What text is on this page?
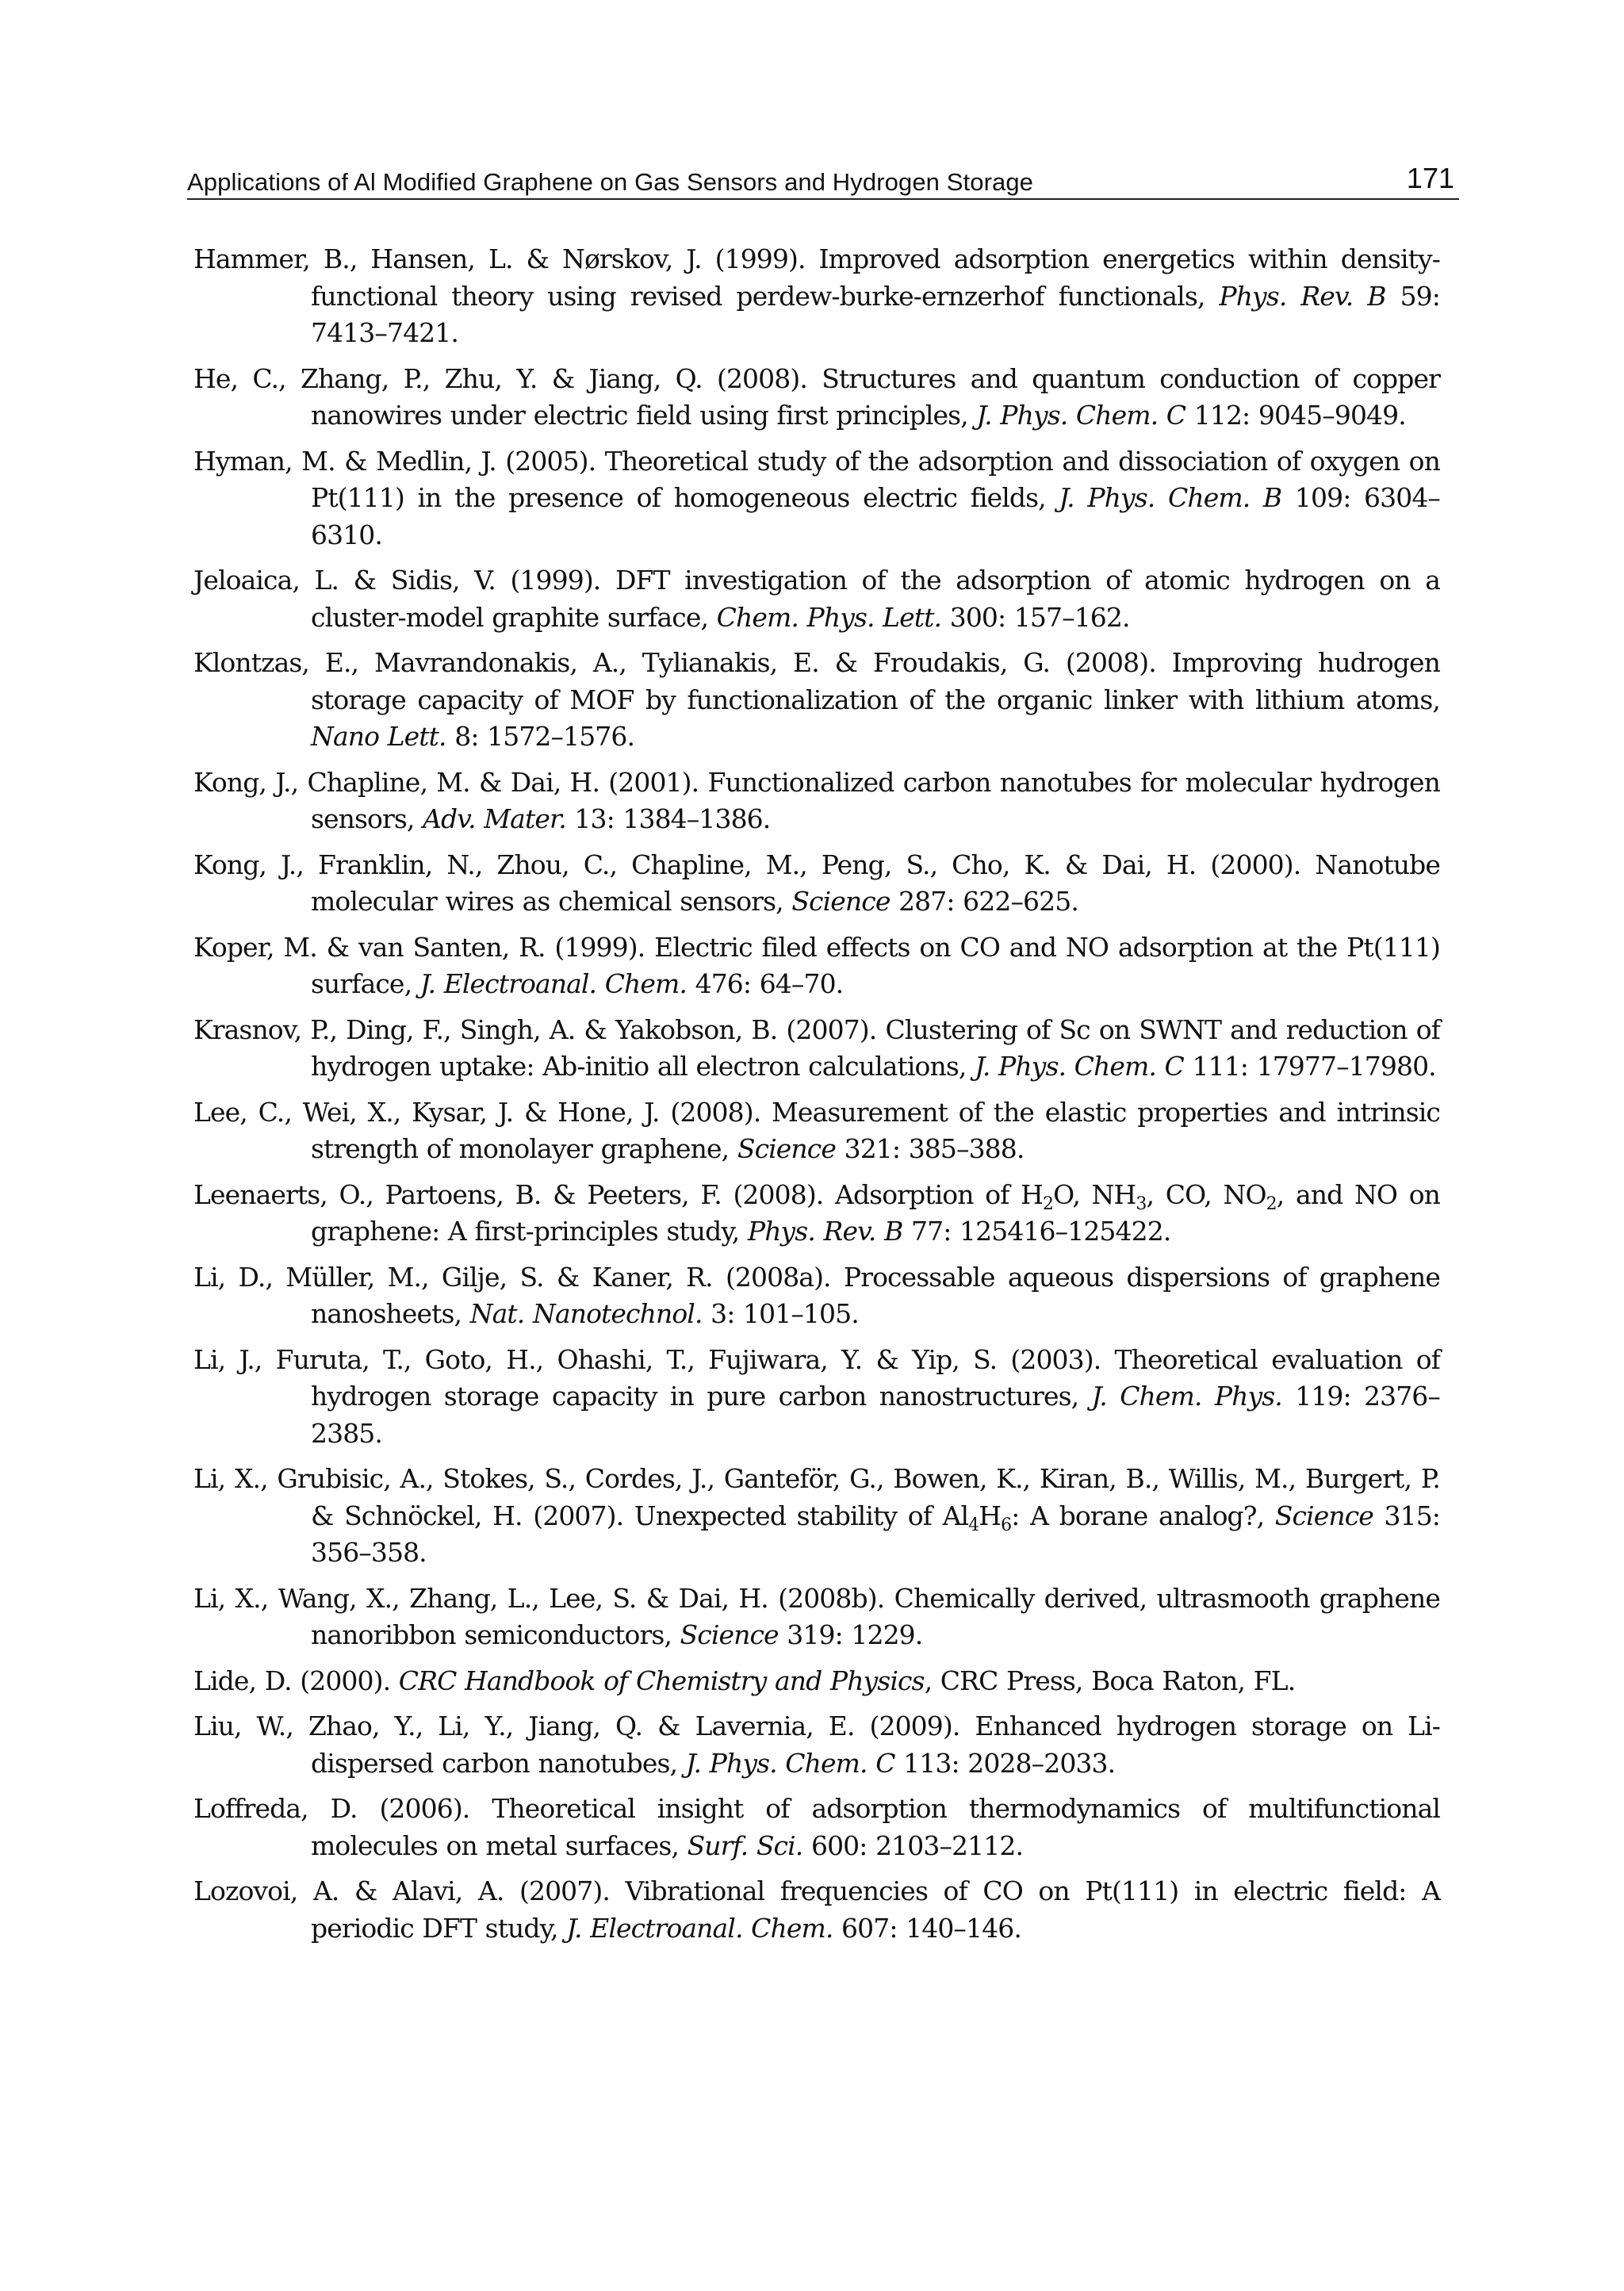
Applications of Al Modified Graphene on Gas Sensors and Hydrogen Storage	171

Hammer, B., Hansen, L. & Nørskov, J. (1999). Improved adsorption energetics within density-functional theory using revised perdew-burke-ernzerhof functionals, Phys. Rev. B 59: 7413–7421.

He, C., Zhang, P., Zhu, Y. & Jiang, Q. (2008). Structures and quantum conduction of copper nanowires under electric field using first principles, J. Phys. Chem. C 112: 9045–9049.

Hyman, M. & Medlin, J. (2005). Theoretical study of the adsorption and dissociation of oxygen on Pt(111) in the presence of homogeneous electric fields, J. Phys. Chem. B 109: 6304–6310.

Jeloaica, L. & Sidis, V. (1999). DFT investigation of the adsorption of atomic hydrogen on a cluster-model graphite surface, Chem. Phys. Lett. 300: 157–162.

Klontzas, E., Mavrandonakis, A., Tylianakis, E. & Froudakis, G. (2008). Improving hudrogen storage capacity of MOF by functionalization of the organic linker with lithium atoms, Nano Lett. 8: 1572–1576.

Kong, J., Chapline, M. & Dai, H. (2001). Functionalized carbon nanotubes for molecular hydrogen sensors, Adv. Mater. 13: 1384–1386.

Kong, J., Franklin, N., Zhou, C., Chapline, M., Peng, S., Cho, K. & Dai, H. (2000). Nanotube molecular wires as chemical sensors, Science 287: 622–625.

Koper, M. & van Santen, R. (1999). Electric filed effects on CO and NO adsorption at the Pt(111) surface, J. Electroanal. Chem. 476: 64–70.

Krasnov, P., Ding, F., Singh, A. & Yakobson, B. (2007). Clustering of Sc on SWNT and reduction of hydrogen uptake: Ab-initio all electron calculations, J. Phys. Chem. C 111: 17977–17980.

Lee, C., Wei, X., Kysar, J. & Hone, J. (2008). Measurement of the elastic properties and intrinsic strength of monolayer graphene, Science 321: 385–388.

Leenaerts, O., Partoens, B. & Peeters, F. (2008). Adsorption of $H_2O$, $NH_3$, CO, $NO_2$, and NO on graphene: A first-principles study, Phys. Rev. B 77: 125416–125422.

Li, D., Müller, M., Gilje, S. & Kaner, R. (2008a). Processable aqueous dispersions of graphene nanosheets, Nat. Nanotechnol. 3: 101–105.

Li, J., Furuta, T., Goto, H., Ohashi, T., Fujiwara, Y. & Yip, S. (2003). Theoretical evaluation of hydrogen storage capacity in pure carbon nanostructures, J. Chem. Phys. 119: 2376–2385.

Li, X., Grubisic, A., Stokes, S., Cordes, J., Ganteför, G., Bowen, K., Kiran, B., Willis, M., Burgert, P. & Schnöckel, H. (2007). Unexpected stability of $Al_4H_6$: A borane analog?, Science 315: 356–358.

Li, X., Wang, X., Zhang, L., Lee, S. & Dai, H. (2008b). Chemically derived, ultrasmooth graphene nanoribbon semiconductors, Science 319: 1229.

Lide, D. (2000). CRC Handbook of Chemistry and Physics, CRC Press, Boca Raton, FL.

Liu, W., Zhao, Y., Li, Y., Jiang, Q. & Lavernia, E. (2009). Enhanced hydrogen storage on Li-dispersed carbon nanotubes, J. Phys. Chem. C 113: 2028–2033.

Loffreda, D. (2006). Theoretical insight of adsorption thermodynamics of multifunctional molecules on metal surfaces, Surf. Sci. 600: 2103–2112.

Lozovoi, A. & Alavi, A. (2007). Vibrational frequencies of CO on Pt(111) in electric field: A periodic DFT study, J. Electroanal. Chem. 607: 140–146.
